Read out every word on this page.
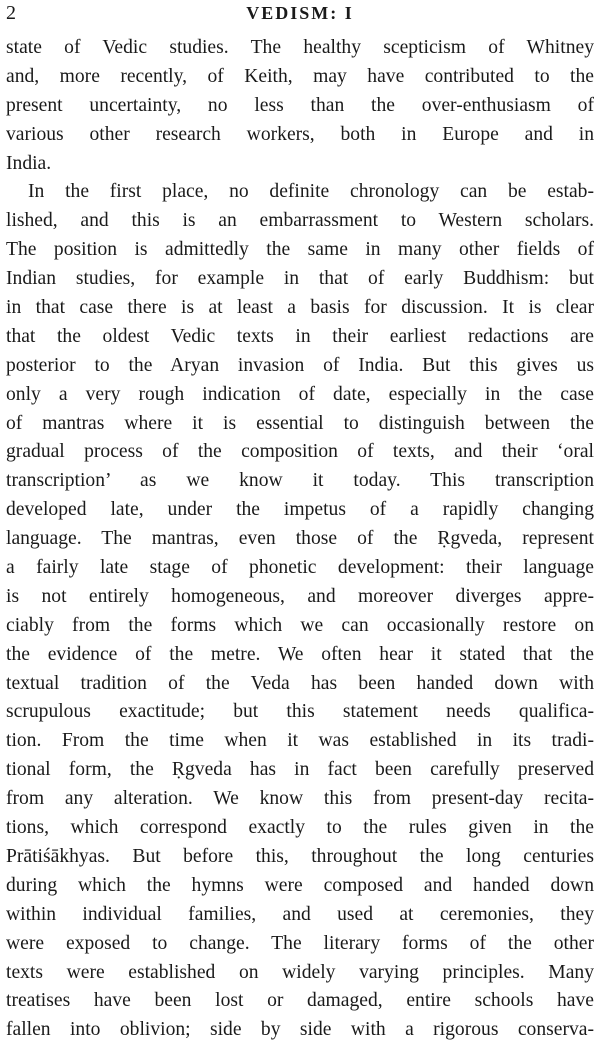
2	VEDISM: I
state of Vedic studies. The healthy scepticism of Whitney
and, more recently, of Keith, may have contributed to the
present uncertainty, no less than the over-enthusiasm of
various other research workers, both in Europe and in
India.
In the first place, no definite chronology can be estab-
lished, and this is an embarrassment to Western scholars.
The position is admittedly the same in many other fields of
Indian studies, for example in that of early Buddhism: but
in that case there is at least a basis for discussion. It is clear
that the oldest Vedic texts in their earliest redactions are
posterior to the Aryan invasion of India. But this gives us
only a very rough indication of date, especially in the case
of mantras where it is essential to distinguish between the
gradual process of the composition of texts, and their ‘oral
transcription’ as we know it today. This transcription
developed late, under the impetus of a rapidly changing
language. The mantras, even those of the Ṛgveda, represent
a fairly late stage of phonetic development: their language
is not entirely homogeneous, and moreover diverges appre-
ciably from the forms which we can occasionally restore on
the evidence of the metre. We often hear it stated that the
textual tradition of the Veda has been handed down with
scrupulous exactitude; but this statement needs qualifica-
tion. From the time when it was established in its tradi-
tional form, the Ṛgveda has in fact been carefully preserved
from any alteration. We know this from present-day recita-
tions, which correspond exactly to the rules given in the
Prātiśākhyas. But before this, throughout the long centuries
during which the hymns were composed and handed down
within individual families, and used at ceremonies, they
were exposed to change. The literary forms of the other
texts were established on widely varying principles. Many
treatises have been lost or damaged, entire schools have
fallen into oblivion; side by side with a rigorous conserva-
